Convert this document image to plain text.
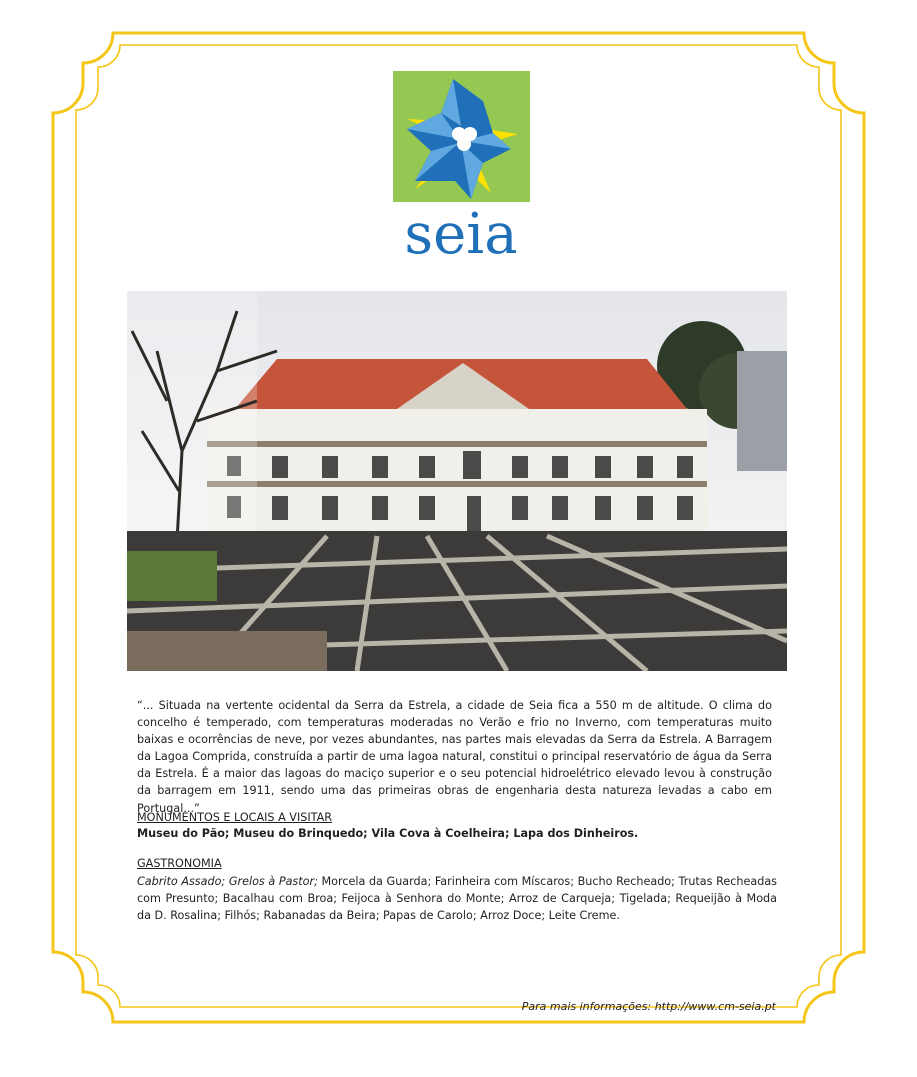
seia

“... Situada na vertente ocidental da Serra da Estrela, a cidade de Seia fica a 550 m de altitude. O clima do concelho é temperado, com temperaturas moderadas no Verão e frio no Inverno, com temperaturas muito baixas e ocorrências de neve, por vezes abundantes, nas partes mais elevadas da Serra da Estrela. A Barragem da Lagoa Comprida, construída a partir de uma lagoa natural, constitui o principal reservatório de água da Serra da Estrela. É a maior das lagoas do maciço superior e o seu potencial hidroelétrico elevado levou à construção da barragem em 1911, sendo uma das primeiras obras de engenharia desta natureza levadas a cabo em Portugal...”

MONUMENTOS E LOCAIS A VISITAR

Museu do Pão; Museu do Brinquedo; Vila Cova à Coelheira; Lapa dos Dinheiros.

GASTRONOMIA

Cabrito Assado; Grelos à Pastor; Morcela da Guarda; Farinheira com Míscaros; Bucho Recheado; Trutas Recheadas com Presunto; Bacalhau com Broa; Feijoca à Senhora do Monte; Arroz de Carqueja; Tigelada; Requeijão à Moda da D. Rosalina; Filhós; Rabanadas da Beira; Papas de Carolo; Arroz Doce; Leite Creme.

Para mais informações: http://www.cm-seia.pt
